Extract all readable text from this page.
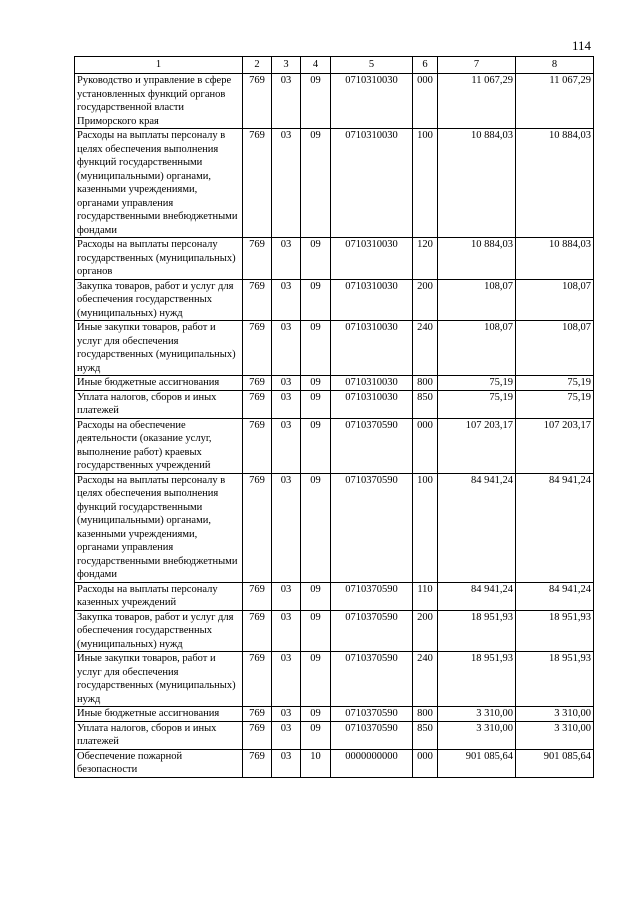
114
1	2	3	4	5	6	7	8
Руководство и управление в сфере установленных функций органов государственной власти Приморского края	769	03	09	0710310030	000	11 067,29	11 067,29
Расходы на выплаты персоналу в целях обеспечения выполнения функций государственными (муниципальными) органами, казенными учреждениями, органами управления государственными внебюджетными фондами	769	03	09	0710310030	100	10 884,03	10 884,03
Расходы на выплаты персоналу государственных (муниципальных) органов	769	03	09	0710310030	120	10 884,03	10 884,03
Закупка товаров, работ и услуг для обеспечения государственных (муниципальных) нужд	769	03	09	0710310030	200	108,07	108,07
Иные закупки товаров, работ и услуг для обеспечения государственных (муниципальных) нужд	769	03	09	0710310030	240	108,07	108,07
Иные бюджетные ассигнования	769	03	09	0710310030	800	75,19	75,19
Уплата налогов, сборов и иных платежей	769	03	09	0710310030	850	75,19	75,19
Расходы на обеспечение деятельности (оказание услуг, выполнение работ) краевых государственных учреждений	769	03	09	0710370590	000	107 203,17	107 203,17
Расходы на выплаты персоналу в целях обеспечения выполнения функций государственными (муниципальными) органами, казенными учреждениями, органами управления государственными внебюджетными фондами	769	03	09	0710370590	100	84 941,24	84 941,24
Расходы на выплаты персоналу казенных учреждений	769	03	09	0710370590	110	84 941,24	84 941,24
Закупка товаров, работ и услуг для обеспечения государственных (муниципальных) нужд	769	03	09	0710370590	200	18 951,93	18 951,93
Иные закупки товаров, работ и услуг для обеспечения государственных (муниципальных) нужд	769	03	09	0710370590	240	18 951,93	18 951,93
Иные бюджетные ассигнования	769	03	09	0710370590	800	3 310,00	3 310,00
Уплата налогов, сборов и иных платежей	769	03	09	0710370590	850	3 310,00	3 310,00
Обеспечение пожарной безопасности	769	03	10	0000000000	000	901 085,64	901 085,64
